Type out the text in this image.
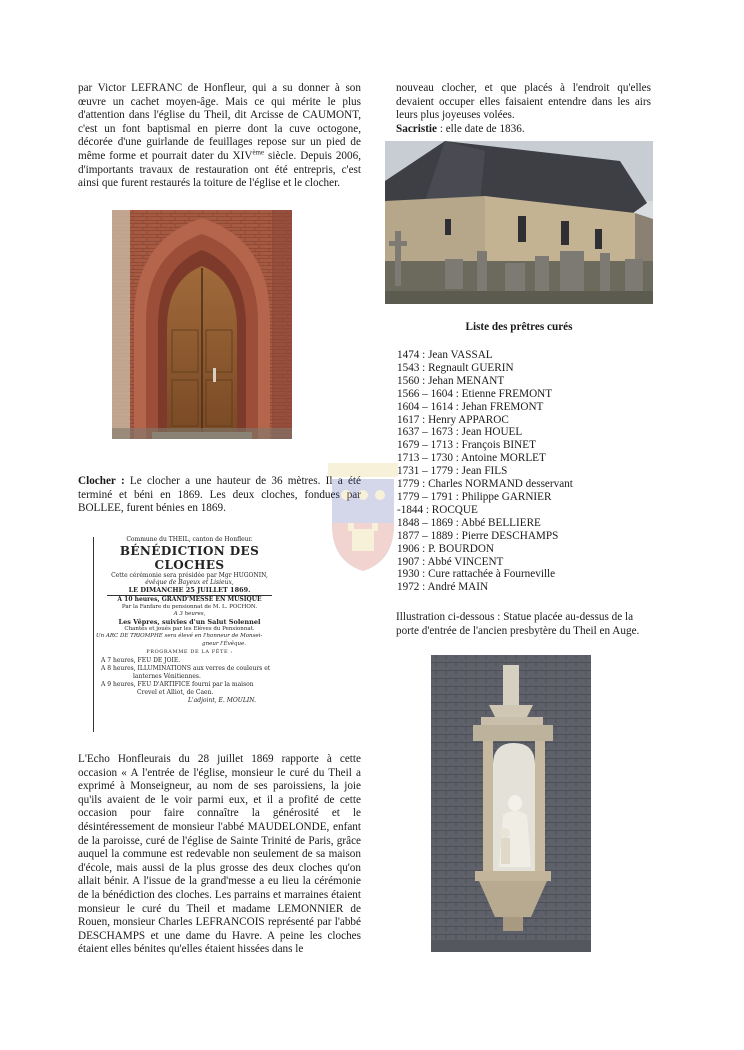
par Victor LEFRANC de Honfleur, qui a su donner à son œuvre un cachet moyen-âge. Mais ce qui mérite le plus d'attention dans l'église du Theil, dit Arcisse de CAUMONT, c'est un font baptismal en pierre dont la cuve octogone, décorée d'une guirlande de feuillages repose sur un pied de même forme et pourrait dater du XIVème siècle. Depuis 2006, d'importants travaux de restauration ont été entrepris, c'est ainsi que furent restaurés la toiture de l'église et le clocher.

Clocher : Le clocher a une hauteur de 36 mètres. Il a été terminé et béni en 1869. Les deux cloches, fondues par BOLLEE, furent bénies en 1869.

Commune du THEIL, canton de Honfleur.
BÉNÉDICTION DES CLOCHES
Cette cérémonie sera présidée par Mgr HUGONIN,
évêque de Bayeux et Lisieux,
LE DIMANCHE 25 JUILLET 1869.
A 10 heures, GRAND'MESSE EN MUSIQUE
Par la Fanfare du pensionnat de M. L. POCHON.
A 3 heures,
Les Vêpres, suivies d'un Salut Solennel
Chantés et joués par les Elèves du Pensionnat.
Un ARC DE TRIOMPHE sera élevé en l'honneur de Monsei-
gneur l'Évêque.
PROGRAMME DE LA FÊTE :
A 7 heures, FEU DE JOIE.
A 8 heures, ILLUMINATIONS aux verres de couleurs et
lanternes Vénitiennes.
A 9 heures, FEU D'ARTIFICE fourni par la maison
Crevel et Alliot, de Caen.
L'adjoint, E. MOULIN.

L'Echo Honfleurais du 28 juillet 1869 rapporte à cette occasion « A l'entrée de l'église, monsieur le curé du Theil a exprimé à Monseigneur, au nom de ses paroissiens, la joie qu'ils avaient de le voir parmi eux, et il a profité de cette occasion pour faire connaître la générosité et le désintéressement de monsieur l'abbé MAUDELONDE, enfant de la paroisse, curé de l'église de Sainte Trinité de Paris, grâce auquel la commune est redevable non seulement de sa maison d'école, mais aussi de la plus grosse des deux cloches qu'on allait bénir. A l'issue de la grand'messe a eu lieu la cérémonie de la bénédiction des cloches. Les parrains et marraines étaient monsieur le curé du Theil et madame LEMONNIER de Rouen, monsieur Charles LEFRANCOIS représenté par l'abbé DESCHAMPS et une dame du Havre. A peine les cloches étaient elles bénites qu'elles étaient hissées dans le

nouveau clocher, et que placés à l'endroit qu'elles devaient occuper elles faisaient entendre dans les airs leurs plus joyeuses volées.

Sacristie : elle date de 1836.

Liste des prêtres curés
1474 : Jean VASSAL
1543 : Regnault GUERIN
1560 : Jehan MENANT
1566 – 1604 : Etienne FREMONT
1604 – 1614 : Jehan FREMONT
1617 : Henry APPAROC
1637 – 1673 : Jean HOUEL
1679 – 1713 : François BINET
1713 – 1730 : Antoine MORLET
1731 – 1779 : Jean FILS
1779 : Charles NORMAND desservant
1779 – 1791 : Philippe GARNIER
-1844 : ROCQUE
1848 – 1869 : Abbé BELLIERE
1877 – 1889 : Pierre DESCHAMPS
1906 : P. BOURDON
1907 : Abbé VINCENT
1930 : Cure rattachée à Fourneville
1972 : André MAIN
Illustration ci-dessous : Statue placée au-dessus de la porte d'entrée de l'ancien presbytère du Theil en Auge.
